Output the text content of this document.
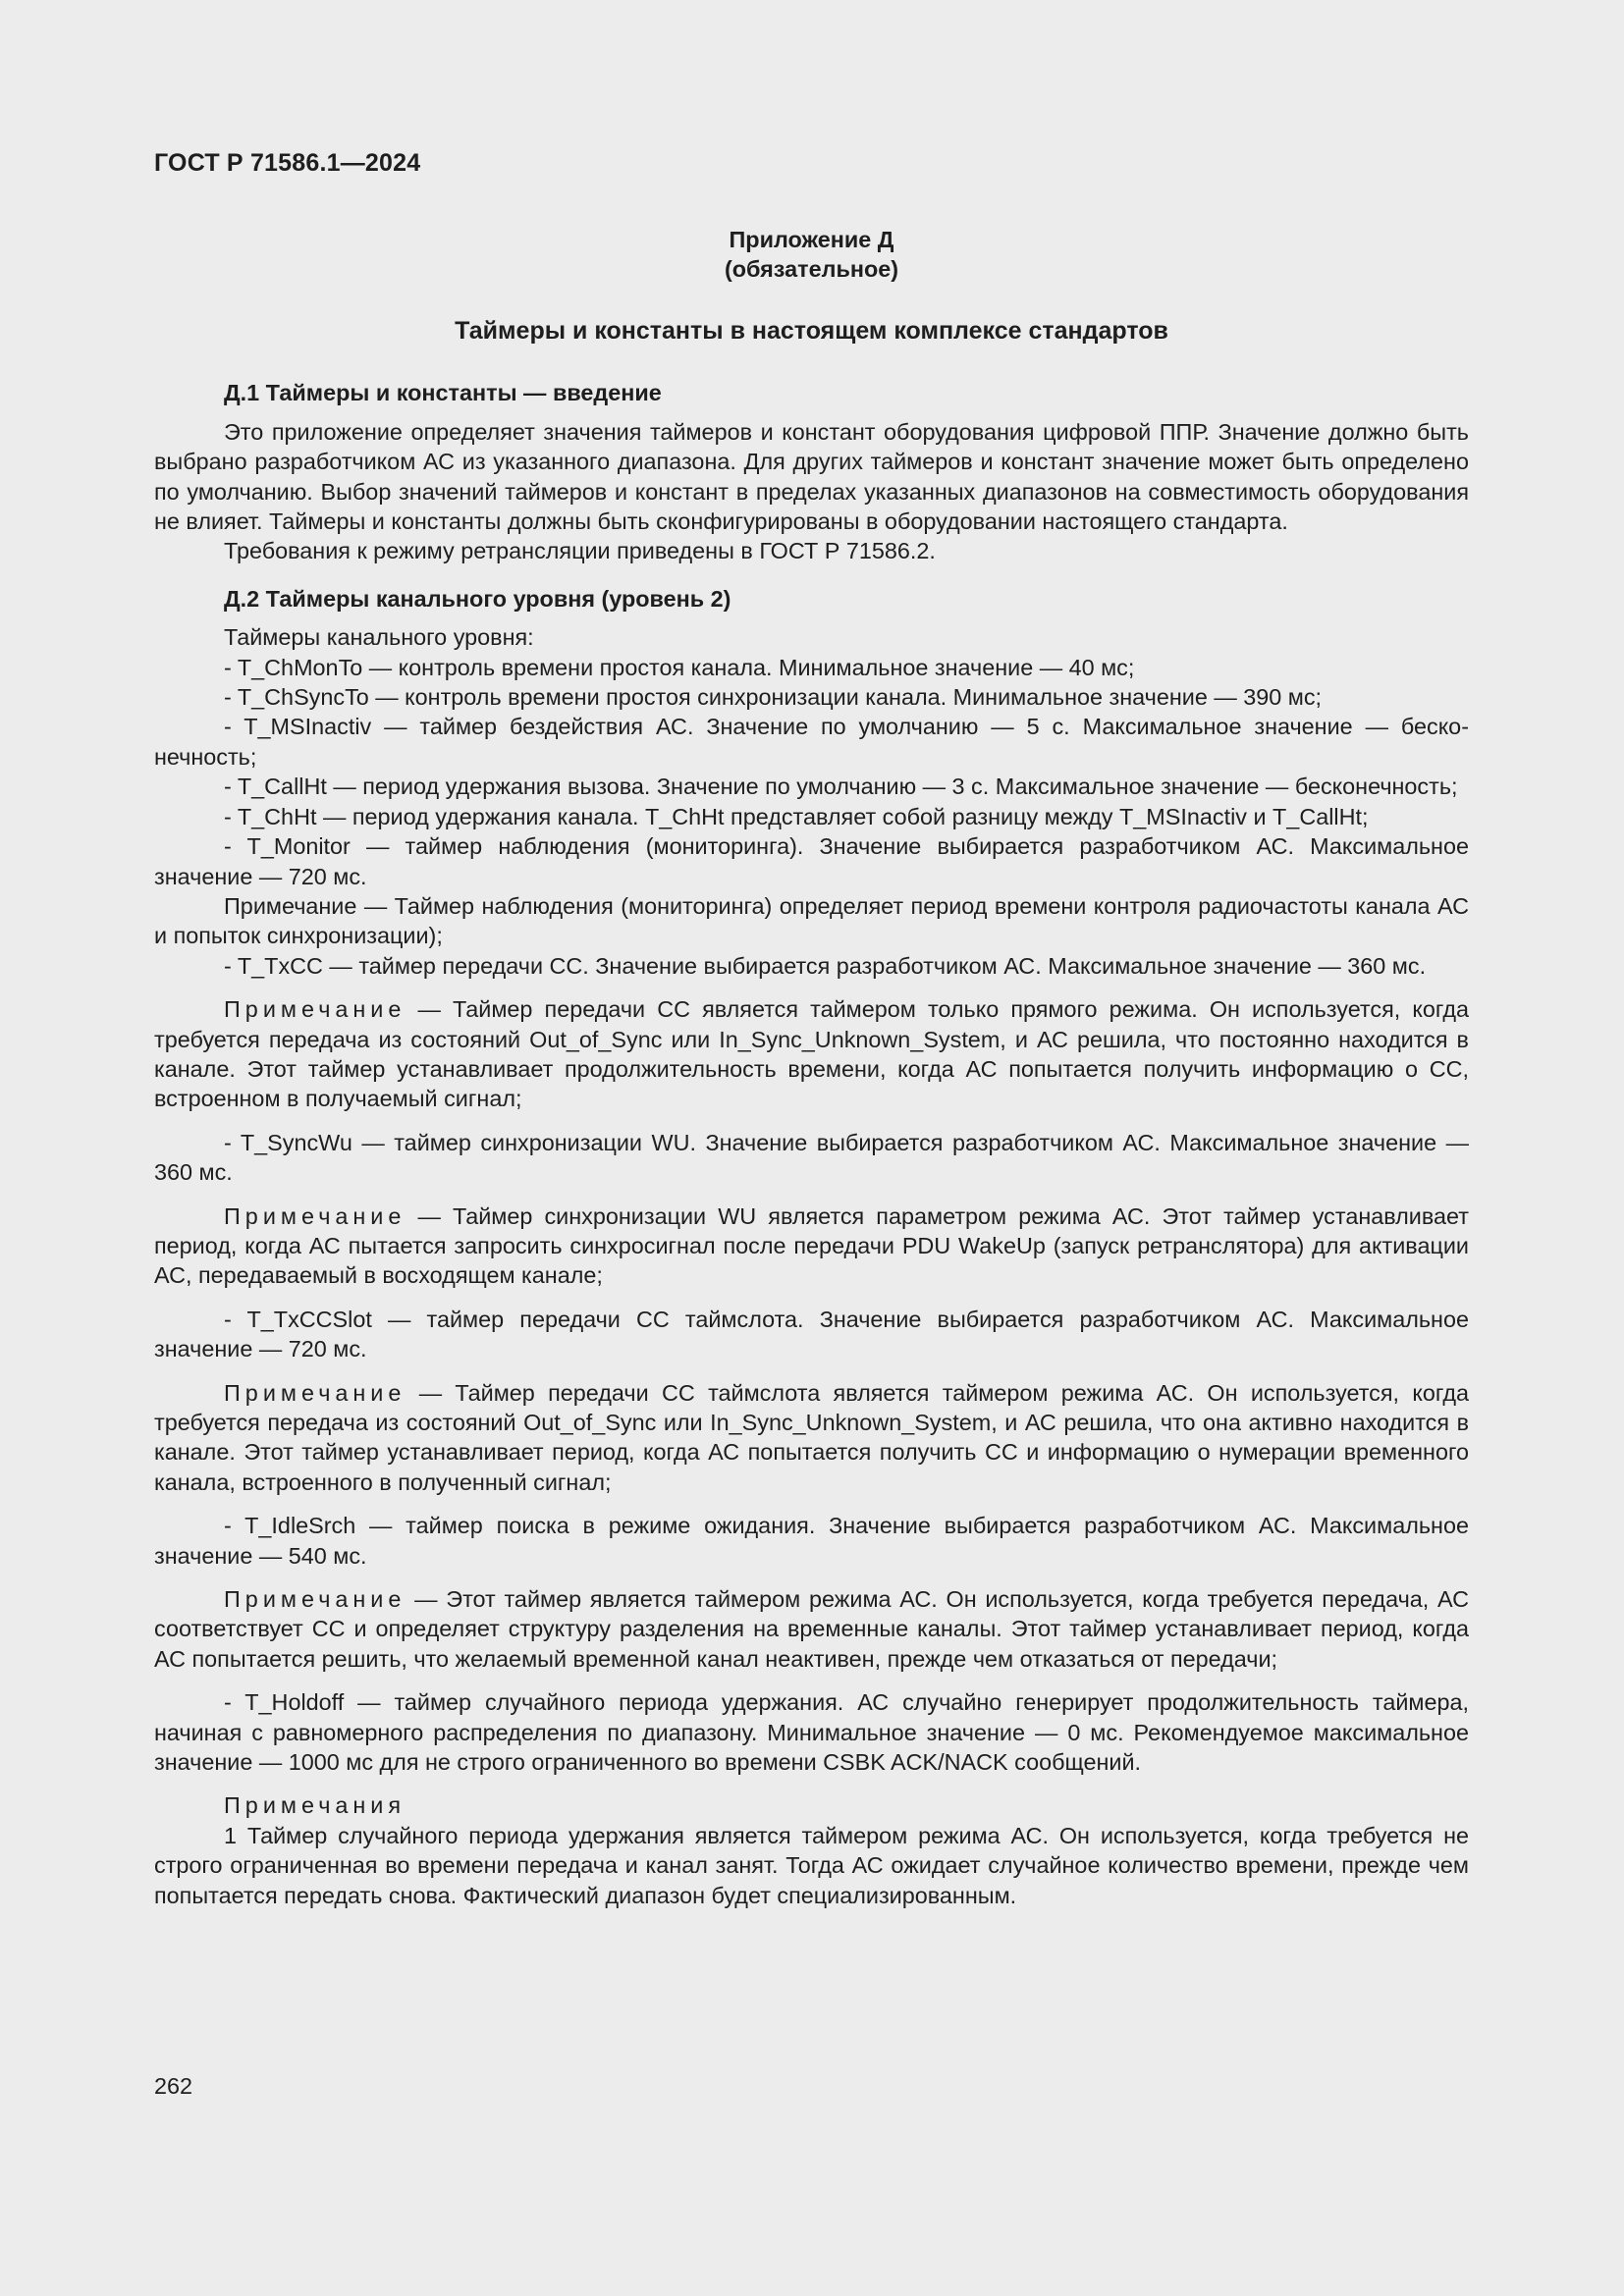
ГОСТ Р 71586.1—2024
Приложение Д
(обязательное)
Таймеры и константы в настоящем комплексе стандартов

Д.1 Таймеры и константы — введение

Это приложение определяет значения таймеров и констант оборудования цифровой ППР. Значение должно быть выбрано разработчиком АС из указанного диапазона. Для других таймеров и констант значение может быть определено по умолчанию. Выбор значений таймеров и констант в пределах указанных диапазонов на совместимость оборудования не влияет. Таймеры и константы должны быть сконфигурированы в оборудовании настоящего стандарта.

Требования к режиму ретрансляции приведены в ГОСТ Р 71586.2.

Д.2 Таймеры канального уровня (уровень 2)

Таймеры канального уровня:

- T_ChMonTo — контроль времени простоя канала. Минимальное значение — 40 мс;

- T_ChSyncTo — контроль времени простоя синхронизации канала. Минимальное значение — 390 мс;

- T_MSInactiv — таймер бездействия АС. Значение по умолчанию — 5 с. Максимальное значение — бесконечность;

- T_CallHt — период удержания вызова. Значение по умолчанию — 3 с. Максимальное значение — бесконечность;

- T_ChHt — период удержания канала. T_ChHt представляет собой разницу между T_MSInactiv и T_CallHt;

- T_Monitor — таймер наблюдения (мониторинга). Значение выбирается разработчиком АС. Максимальное значение — 720 мс.

Примечание — Таймер наблюдения (мониторинга) определяет период времени контроля радиочастоты канала АС и попыток синхронизации);

- T_TxCC — таймер передачи СС. Значение выбирается разработчиком АС. Максимальное значение — 360 мс.

Примечание — Таймер передачи СС является таймером только прямого режима. Он используется, когда требуется передача из состояний Out_of_Sync или In_Sync_Unknown_System, и АС решила, что постоянно находится в канале. Этот таймер устанавливает продолжительность времени, когда АС попытается получить информацию о СС, встроенном в получаемый сигнал;

- T_SyncWu — таймер синхронизации WU. Значение выбирается разработчиком АС. Максимальное значение — 360 мс.

Примечание — Таймер синхронизации WU является параметром режима АС. Этот таймер устанавливает период, когда АС пытается запросить синхросигнал после передачи PDU WakeUp (запуск ретранслятора) для активации АС, передаваемый в восходящем канале;

- T_TxCCSlot — таймер передачи СС таймслота. Значение выбирается разработчиком АС. Максимальное значение — 720 мс.

Примечание — Таймер передачи СС таймслота является таймером режима АС. Он используется, когда требуется передача из состояний Out_of_Sync или In_Sync_Unknown_System, и АС решила, что она активно находится в канале. Этот таймер устанавливает период, когда АС попытается получить СС и информацию о нумерации временного канала, встроенного в полученный сигнал;

- T_IdleSrch — таймер поиска в режиме ожидания. Значение выбирается разработчиком АС. Максимальное значение — 540 мс.

Примечание — Этот таймер является таймером режима АС. Он используется, когда требуется передача, АС соответствует СС и определяет структуру разделения на временные каналы. Этот таймер устанавливает период, когда АС попытается решить, что желаемый временной канал неактивен, прежде чем отказаться от передачи;

- T_Holdoff — таймер случайного периода удержания. АС случайно генерирует продолжительность таймера, начиная с равномерного распределения по диапазону. Минимальное значение — 0 мс. Рекомендуемое максимальное значение — 1000 мс для не строго ограниченного во времени CSBK ACK/NACK сообщений.

Примечания

1 Таймер случайного периода удержания является таймером режима АС. Он используется, когда требуется не строго ограниченная во времени передача и канал занят. Тогда АС ожидает случайное количество времени, прежде чем попытается передать снова. Фактический диапазон будет специализированным.

262
